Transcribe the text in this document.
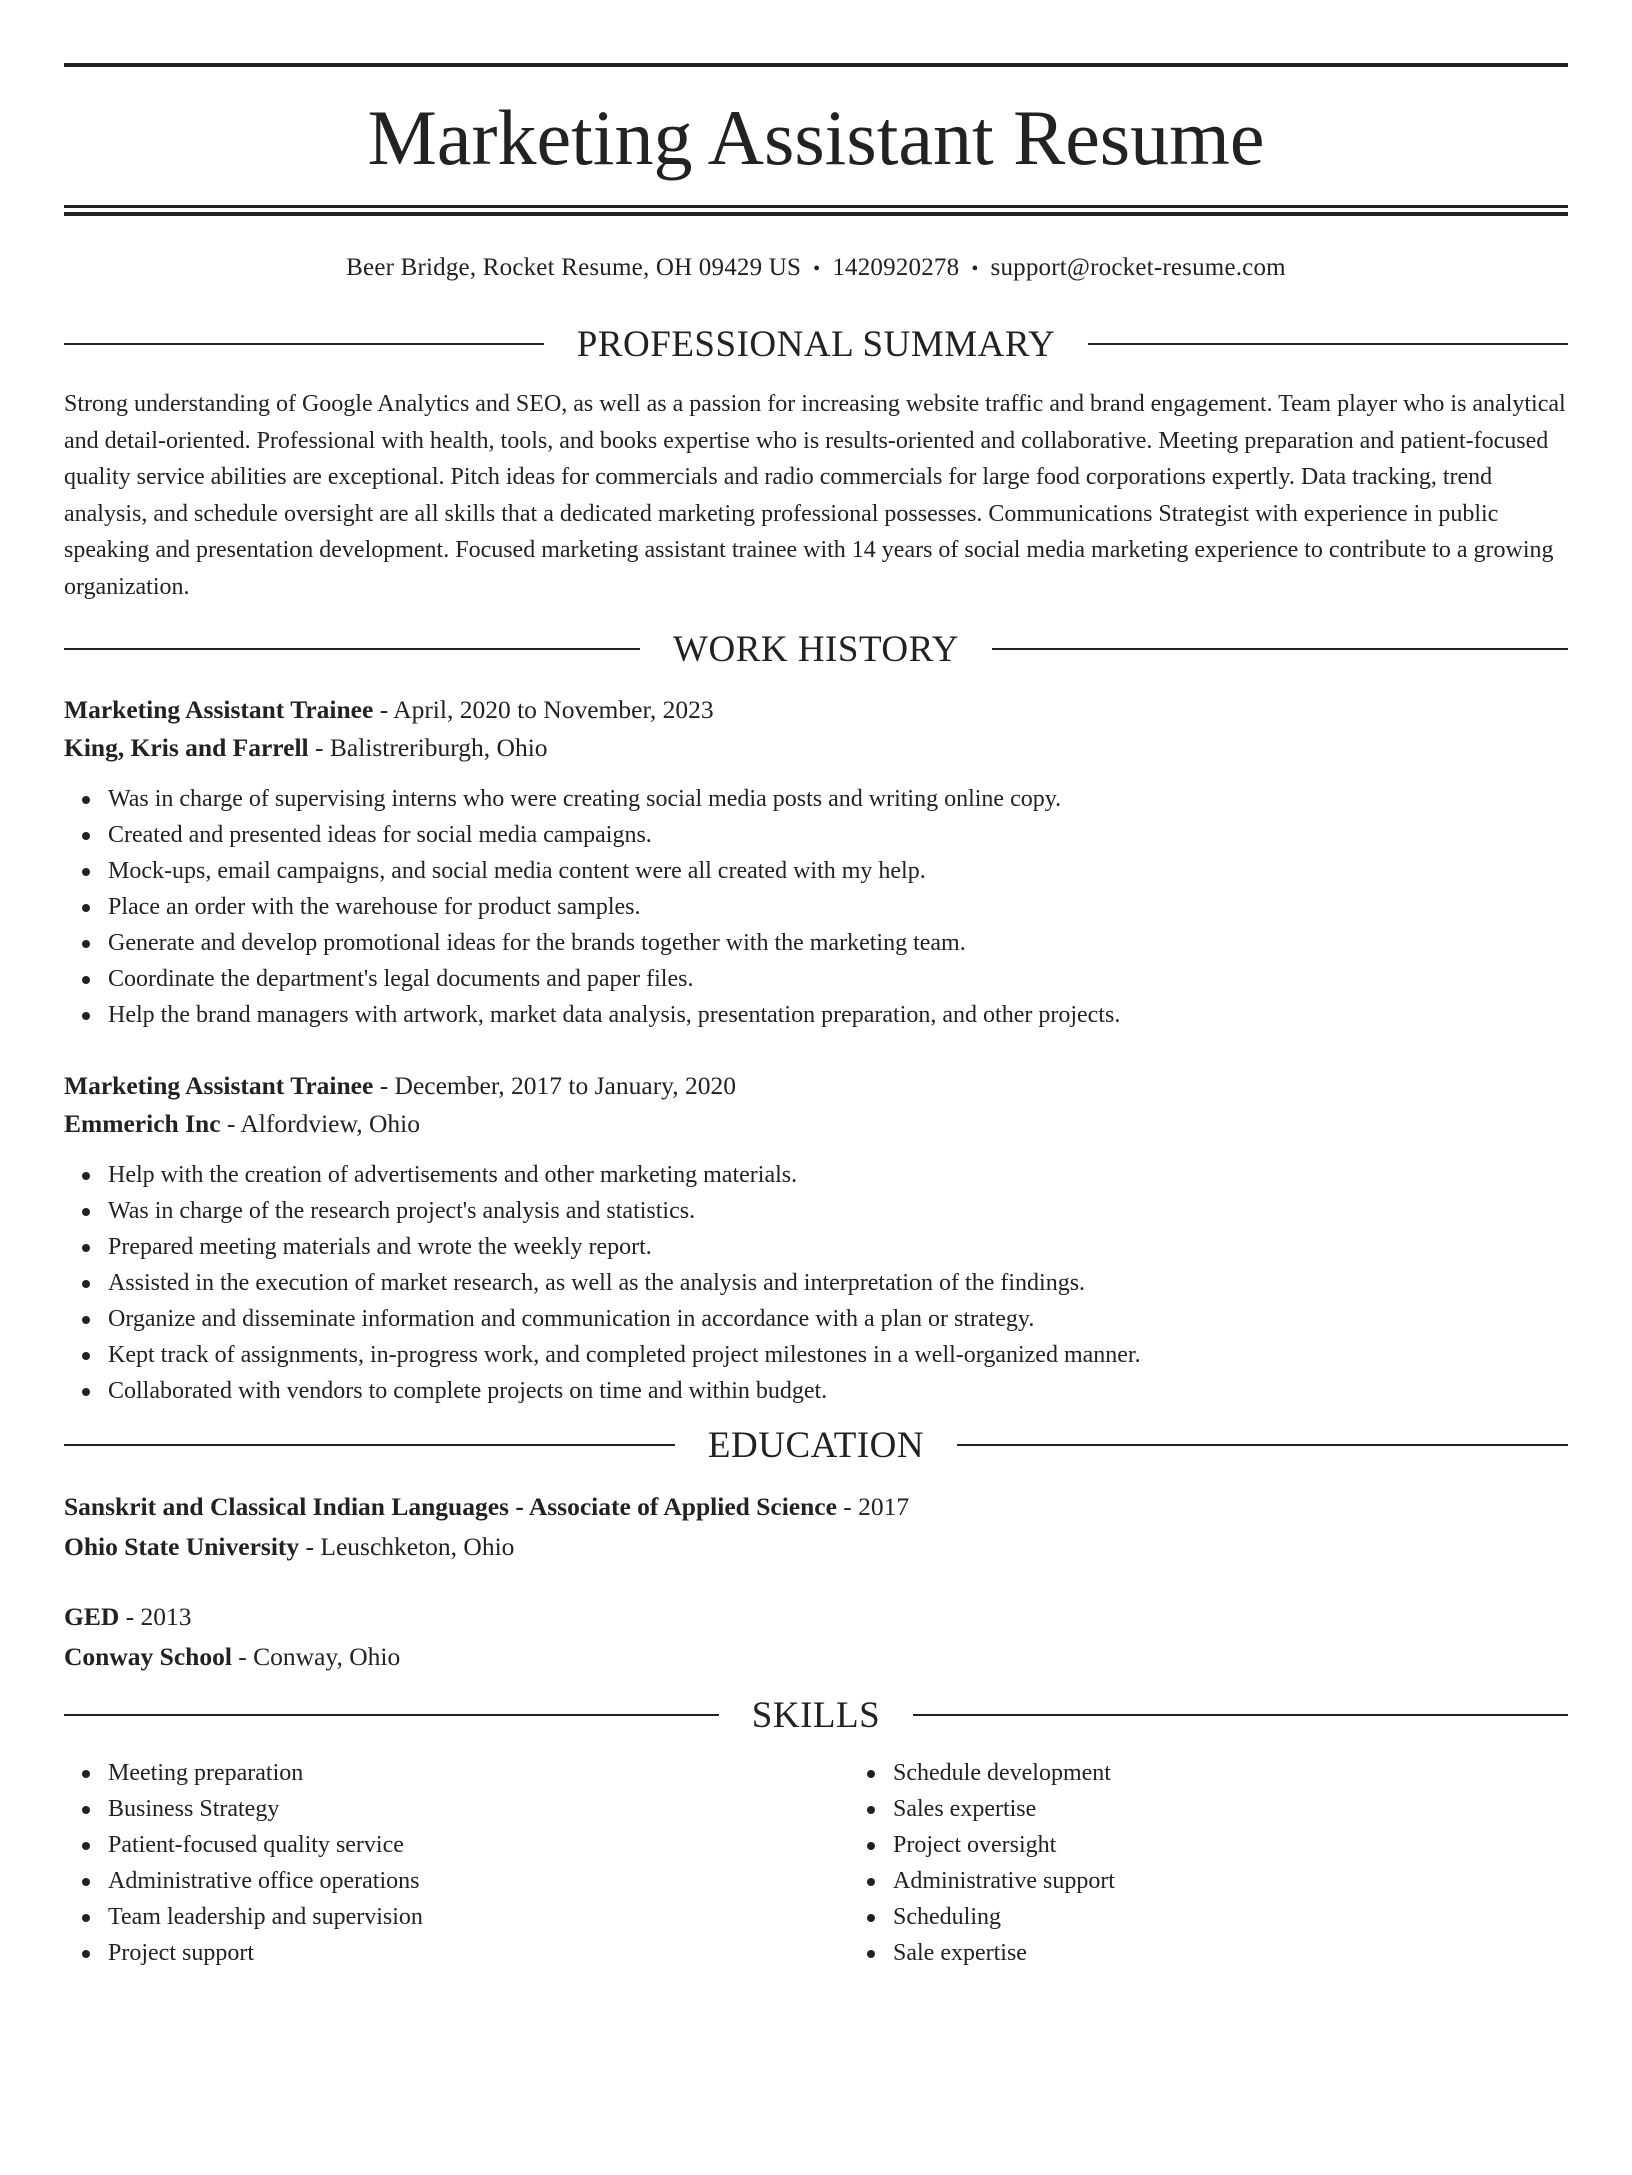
Marketing Assistant Resume
Beer Bridge, Rocket Resume, OH 09429 US • 1420920278 • support@rocket-resume.com
PROFESSIONAL SUMMARY

Strong understanding of Google Analytics and SEO, as well as a passion for increasing website traffic and brand engagement. Team player who is analytical and detail-oriented. Professional with health, tools, and books expertise who is results-oriented and collaborative. Meeting preparation and patient-focused quality service abilities are exceptional. Pitch ideas for commercials and radio commercials for large food corporations expertly. Data tracking, trend analysis, and schedule oversight are all skills that a dedicated marketing professional possesses. Communications Strategist with experience in public speaking and presentation development. Focused marketing assistant trainee with 14 years of social media marketing experience to contribute to a growing organization.

WORK HISTORY

Marketing Assistant Trainee - April, 2020 to November, 2023

King, Kris and Farrell - Balistreriburgh, Ohio

Was in charge of supervising interns who were creating social media posts and writing online copy.
Created and presented ideas for social media campaigns.
Mock-ups, email campaigns, and social media content were all created with my help.
Place an order with the warehouse for product samples.
Generate and develop promotional ideas for the brands together with the marketing team.
Coordinate the department's legal documents and paper files.
Help the brand managers with artwork, market data analysis, presentation preparation, and other projects.

Marketing Assistant Trainee - December, 2017 to January, 2020

Emmerich Inc - Alfordview, Ohio

Help with the creation of advertisements and other marketing materials.
Was in charge of the research project's analysis and statistics.
Prepared meeting materials and wrote the weekly report.
Assisted in the execution of market research, as well as the analysis and interpretation of the findings.
Organize and disseminate information and communication in accordance with a plan or strategy.
Kept track of assignments, in-progress work, and completed project milestones in a well-organized manner.
Collaborated with vendors to complete projects on time and within budget.
EDUCATION

Sanskrit and Classical Indian Languages - Associate of Applied Science - 2017

Ohio State University - Leuschketon, Ohio

GED - 2013

Conway School - Conway, Ohio

SKILLS
Meeting preparation
Business Strategy
Patient-focused quality service
Administrative office operations
Team leadership and supervision
Project support
Schedule development
Sales expertise
Project oversight
Administrative support
Scheduling
Sale expertise
